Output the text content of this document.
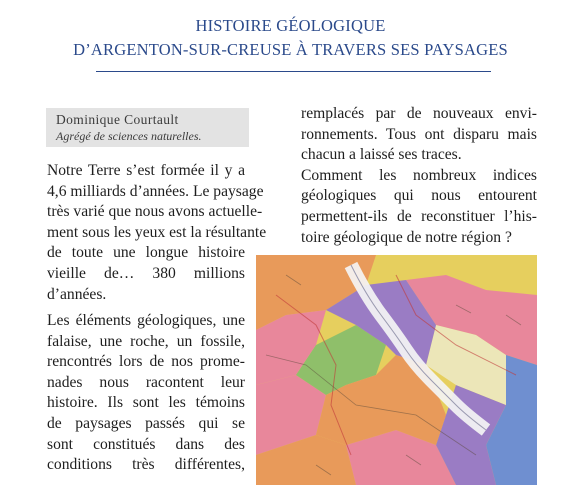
HISTOIRE GÉOLOGIQUE
D’ARGENTON-SUR-CREUSE À TRAVERS SES PAYSAGES
Dominique Courtault
Agrégé de sciences naturelles.

Notre Terre s’est formée il y a
4,6 milliards d’années. Le paysage
très varié que nous avons actuelle-
ment sous les yeux est la résultante
de toute une longue histoire
vieille de… 380 millions
d’années.

Les éléments géologiques, une
falaise, une roche, un fossile,
rencontrés lors de nos prome-
nades nous racontent leur
histoire. Ils sont les témoins
de paysages passés qui se
sont constitués dans des
conditions très différentes,

remplacés par de nouveaux envi-
ronnements. Tous ont disparu mais
chacun a laissé ses traces.

Comment les nombreux indices
géologiques qui nous entourent
permettent-ils de reconstituer l’his-
toire géologique de notre région ?
